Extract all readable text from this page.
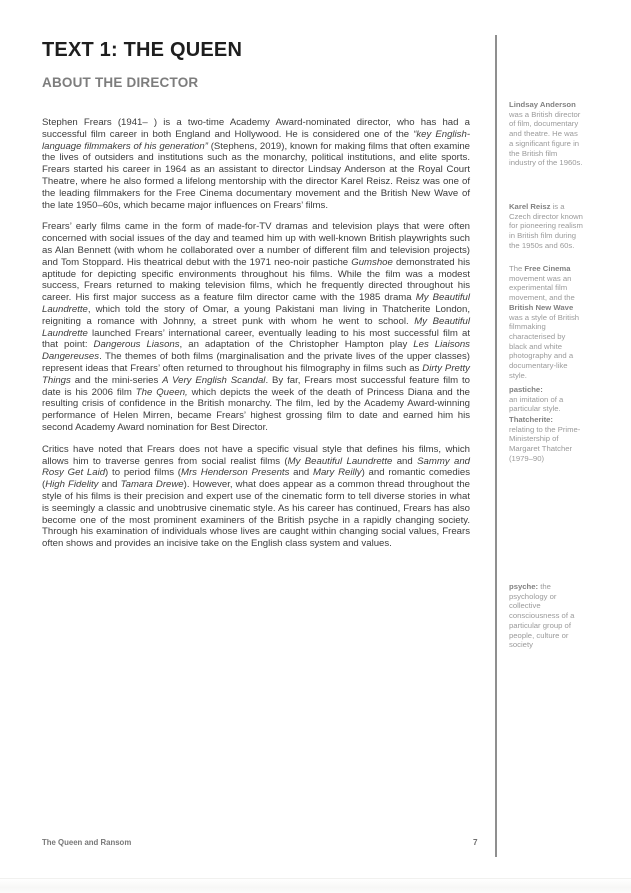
TEXT 1: THE QUEEN
ABOUT THE DIRECTOR

Stephen Frears (1941– ) is a two-time Academy Award-nominated director, who has had a successful film career in both England and Hollywood. He is considered one of the “key English-language filmmakers of his generation” (Stephens, 2019), known for making films that often examine the lives of outsiders and institutions such as the monarchy, political institutions, and elite sports. Frears started his career in 1964 as an assistant to director Lindsay Anderson at the Royal Court Theatre, where he also formed a lifelong mentorship with the director Karel Reisz. Reisz was one of the leading filmmakers for the Free Cinema documentary movement and the British New Wave of the late 1950–60s, which became major influences on Frears’ films.

Frears’ early films came in the form of made-for-TV dramas and television plays that were often concerned with social issues of the day and teamed him up with well-known British playwrights such as Alan Bennett (with whom he collaborated over a number of different film and television projects) and Tom Stoppard. His theatrical debut with the 1971 neo-noir pastiche Gumshoe demonstrated his aptitude for depicting specific environments throughout his films. While the film was a modest success, Frears returned to making television films, which he frequently directed throughout his career. His first major success as a feature film director came with the 1985 drama My Beautiful Laundrette, which told the story of Omar, a young Pakistani man living in Thatcherite London, reigniting a romance with Johnny, a street punk with whom he went to school. My Beautiful Laundrette launched Frears’ international career, eventually leading to his most successful film at that point: Dangerous Liasons, an adaptation of the Christopher Hampton play Les Liaisons Dangereuses. The themes of both films (marginalisation and the private lives of the upper classes) represent ideas that Frears’ often returned to throughout his filmography in films such as Dirty Pretty Things and the mini-series A Very English Scandal. By far, Frears most successful feature film to date is his 2006 film The Queen, which depicts the week of the death of Princess Diana and the resulting crisis of confidence in the British monarchy. The film, led by the Academy Award-winning performance of Helen Mirren, became Frears’ highest grossing film to date and earned him his second Academy Award nomination for Best Director.

Critics have noted that Frears does not have a specific visual style that defines his films, which allows him to traverse genres from social realist films (My Beautiful Laundrette and Sammy and Rosy Get Laid) to period films (Mrs Henderson Presents and Mary Reilly) and romantic comedies (High Fidelity and Tamara Drewe). However, what does appear as a common thread throughout the style of his films is their precision and expert use of the cinematic form to tell diverse stories in what is seemingly a classic and unobtrusive cinematic style. As his career has continued, Frears has also become one of the most prominent examiners of the British psyche in a rapidly changing society. Through his examination of individuals whose lives are caught within changing social values, Frears often shows and provides an incisive take on the English class system and values.

Lindsay Anderson was a British director of film, documentary and theatre. He was a significant figure in the British film industry of the 1960s.
Karel Reisz is a Czech director known for pioneering realism in British film during the 1950s and 60s.
The Free Cinema movement was an experimental film movement, and the British New Wave was a style of British filmmaking characterised by black and white photography and a documentary-like style.
pastiche:
an imitation of a particular style.
Thatcherite:
relating to the Prime-Ministership of Margaret Thatcher (1979–90)
psyche: the psychology or collective consciousness of a particular group of people, culture or society
The Queen and Ransom	7
